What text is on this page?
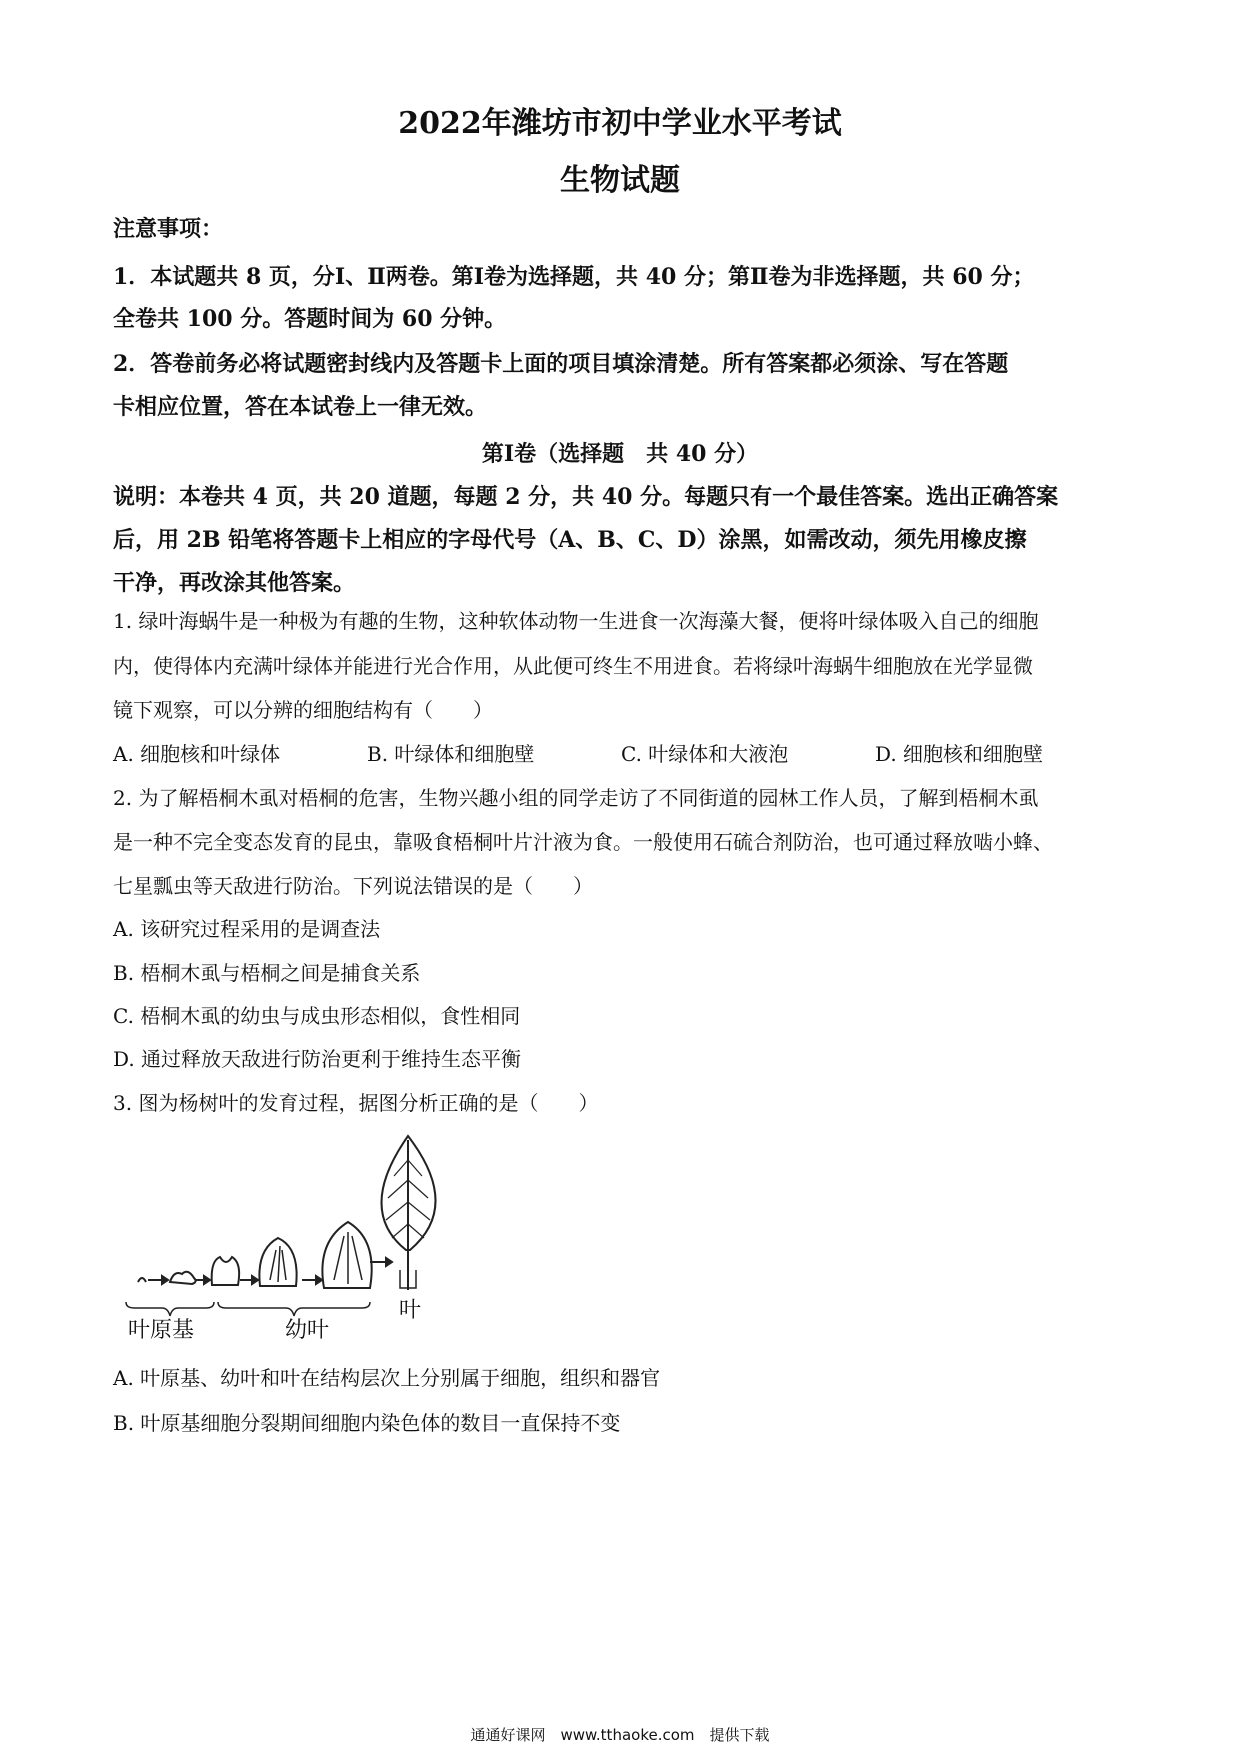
2022年潍坊市初中学业水平考试
生物试题
注意事项：
1．本试题共 8 页，分Ⅰ、Ⅱ两卷。第Ⅰ卷为选择题，共 40 分；第Ⅱ卷为非选择题，共 60 分；
全卷共 100 分。答题时间为 60 分钟。
2．答卷前务必将试题密封线内及答题卡上面的项目填涂清楚。所有答案都必须涂、写在答题
卡相应位置，答在本试卷上一律无效。
第Ⅰ卷（选择题　共 40 分）
说明：本卷共 4 页，共 20 道题，每题 2 分，共 40 分。每题只有一个最佳答案。选出正确答案
后，用 2B 铅笔将答题卡上相应的字母代号（A、B、C、D）涂黑，如需改动，须先用橡皮擦
干净，再改涂其他答案。
1. 绿叶海蜗牛是一种极为有趣的生物，这种软体动物一生进食一次海藻大餐，便将叶绿体吸入自己的细胞
内，使得体内充满叶绿体并能进行光合作用，从此便可终生不用进食。若将绿叶海蜗牛细胞放在光学显微
镜下观察，可以分辨的细胞结构有（　　）
A. 细胞核和叶绿体	B. 叶绿体和细胞壁	C. 叶绿体和大液泡	D. 细胞核和细胞壁
2. 为了解梧桐木虱对梧桐的危害，生物兴趣小组的同学走访了不同街道的园林工作人员，了解到梧桐木虱
是一种不完全变态发育的昆虫，靠吸食梧桐叶片汁液为食。一般使用石硫合剂防治，也可通过释放啮小蜂、
七星瓢虫等天敌进行防治。下列说法错误的是（　　）
A. 该研究过程采用的是调查法
B. 梧桐木虱与梧桐之间是捕食关系
C. 梧桐木虱的幼虫与成虫形态相似，食性相同
D. 通过释放天敌进行防治更利于维持生态平衡
3. 图为杨树叶的发育过程，据图分析正确的是（　　）
叶原基	幼叶
叶
A. 叶原基、幼叶和叶在结构层次上分别属于细胞，组织和器官
B. 叶原基细胞分裂期间细胞内染色体的数目一直保持不变
通通好课网　www.tthaoke.com　提供下载
